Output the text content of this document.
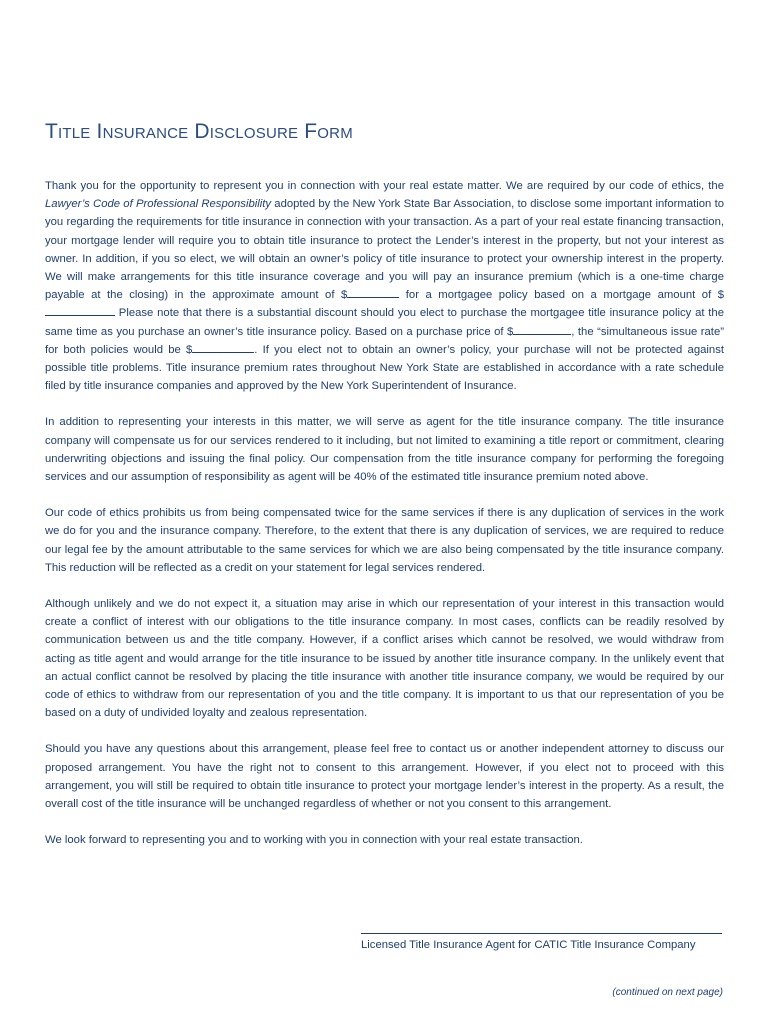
Title Insurance Disclosure Form

Thank you for the opportunity to represent you in connection with your real estate matter. We are required by our code of ethics, the Lawyer’s Code of Professional Responsibility adopted by the New York State Bar Association, to disclose some important information to you regarding the requirements for title insurance in connection with your transaction. As a part of your real estate financing transaction, your mortgage lender will require you to obtain title insurance to protect the Lender’s interest in the property, but not your interest as owner. In addition, if you so elect, we will obtain an owner’s policy of title insurance to protect your ownership interest in the property. We will make arrangements for this title insurance coverage and you will pay an insurance premium (which is a one-time charge payable at the closing) in the approximate amount of $	for a mortgagee policy based on a mortgage amount of $ Please note that there is a substantial discount should you elect to purchase the mortgagee title insurance policy at the same time as you purchase an owner’s title insurance policy. Based on a purchase price of $	, the “simultaneous issue rate” for both policies would be $	. If you elect not to obtain an owner’s policy, your purchase will not be protected against possible title problems. Title insurance premium rates throughout New York State are established in accordance with a rate schedule filed by title insurance companies and approved by the New York Superintendent of Insurance.

In addition to representing your interests in this matter, we will serve as agent for the title insurance company. The title insurance company will compensate us for our services rendered to it including, but not limited to examining a title report or commitment, clearing underwriting objections and issuing the final policy. Our compensation from the title insurance company for performing the foregoing services and our assumption of responsibility as agent will be 40% of the estimated title insurance premium noted above.

Our code of ethics prohibits us from being compensated twice for the same services if there is any duplication of services in the work we do for you and the insurance company. Therefore, to the extent that there is any duplication of services, we are required to reduce our legal fee by the amount attributable to the same services for which we are also being compensated by the title insurance company. This reduction will be reflected as a credit on your statement for legal services rendered.

Although unlikely and we do not expect it, a situation may arise in which our representation of your interest in this transaction would create a conflict of interest with our obligations to the title insurance company. In most cases, conflicts can be readily resolved by communication between us and the title company. However, if a conflict arises which cannot be resolved, we would withdraw from acting as title agent and would arrange for the title insurance to be issued by another title insurance company. In the unlikely event that an actual conflict cannot be resolved by placing the title insurance with another title insurance company, we would be required by our code of ethics to withdraw from our representation of you and the title company. It is important to us that our representation of you be based on a duty of undivided loyalty and zealous representation.

Should you have any questions about this arrangement, please feel free to contact us or another independent attorney to discuss our proposed arrangement. You have the right not to consent to this arrangement. However, if you elect not to proceed with this arrangement, you will still be required to obtain title insurance to protect your mortgage lender’s interest in the property. As a result, the overall cost of the title insurance will be unchanged regardless of whether or not you consent to this arrangement.

We look forward to representing you and to working with you in connection with your real estate transaction.

Licensed Title Insurance Agent for CATIC Title Insurance Company
(continued on next page)
